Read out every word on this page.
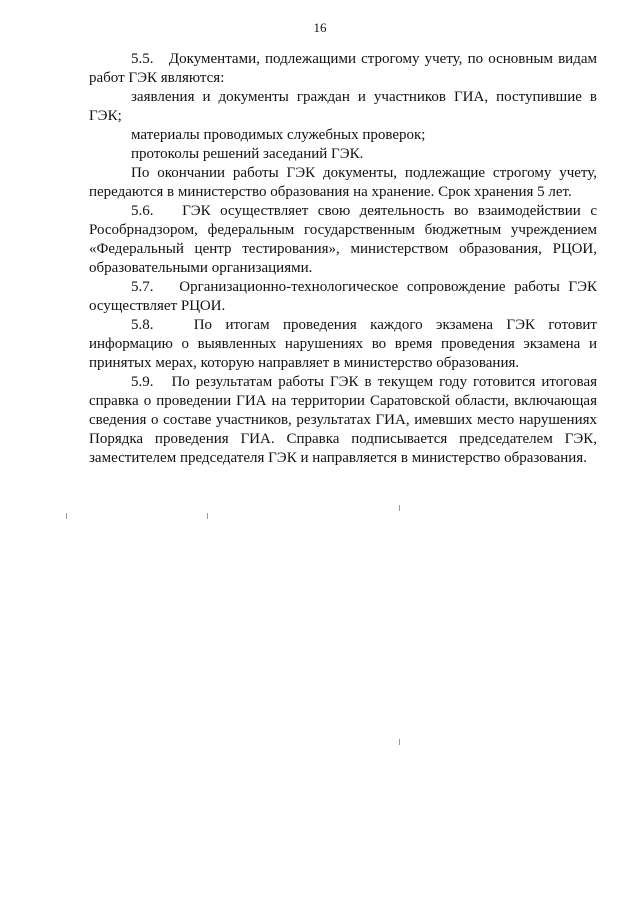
16

5.5.   Документами, подлежащими строгому учету, по основным видам работ ГЭК являются:

заявления и документы граждан и участников ГИА, поступившие в ГЭК;

материалы проводимых служебных проверок;

протоколы решений заседаний ГЭК.

По окончании работы ГЭК документы, подлежащие строгому учету, передаются в министерство образования на хранение. Срок хранения 5 лет.

5.6.   ГЭК осуществляет свою деятельность во взаимодействии с Рособрнадзором, федеральным государственным бюджетным учреждением «Федеральный центр тестирования», министерством образования, РЦОИ, образовательными организациями.

5.7.   Организационно-технологическое сопровождение работы ГЭК осуществляет РЦОИ.

5.8.   По итогам проведения каждого экзамена ГЭК готовит информацию о выявленных нарушениях во время проведения экзамена и принятых мерах, которую направляет в министерство образования.

5.9.   По результатам работы ГЭК в текущем году готовится итоговая справка о проведении ГИА на территории Саратовской области, включающая сведения о составе участников, результатах ГИА, имевших место нарушениях Порядка проведения ГИА. Справка подписывается председателем ГЭК, заместителем председателя ГЭК и направляется в министерство образования.
